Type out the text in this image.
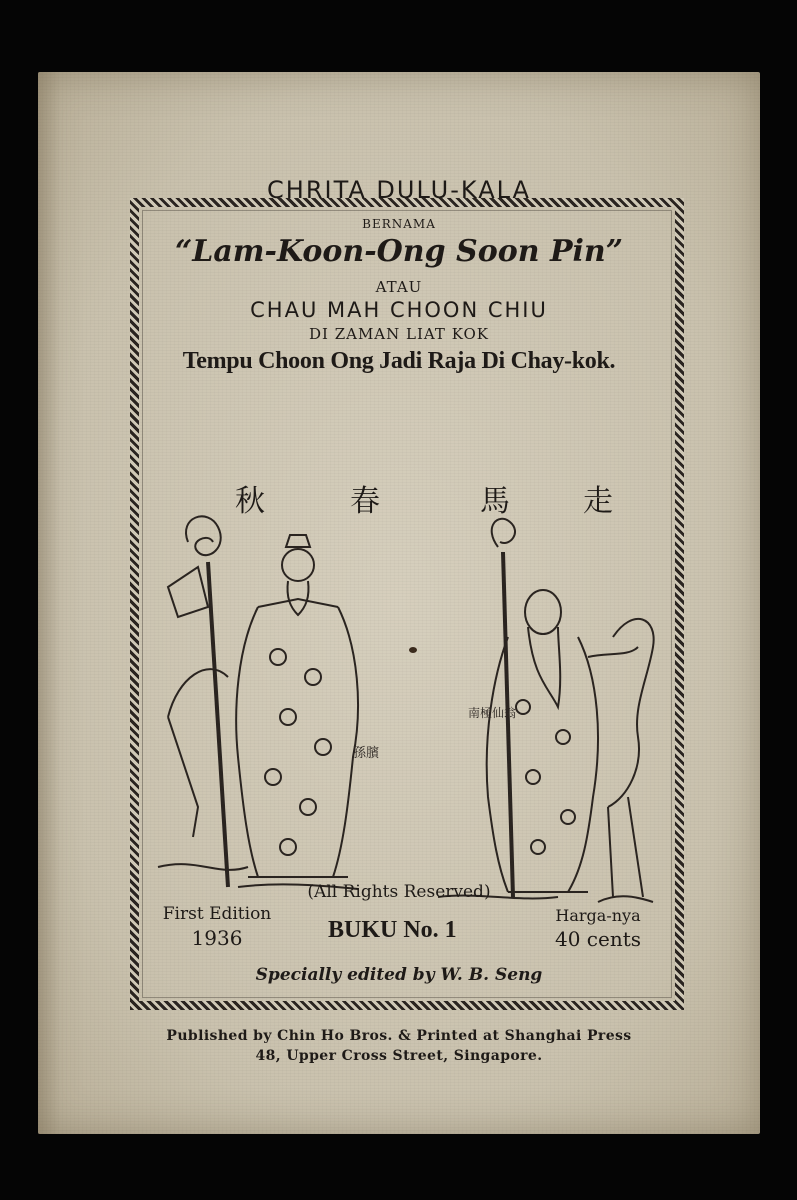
CHRITA DULU-KALA
BERNAMA
“Lam-Koon-Ong Soon Pin”
ATAU
CHAU MAH CHOON CHIU
DI ZAMAN LIAT KOK
Tempu Choon Ong Jadi Raja Di Chay-kok.
秋	春	馬 走
孫臏
南極仙翁
(All Rights Reserved)
First Edition
1936	BUKU No. 1
Harga-nya
40 cents
Specially edited by W. B. Seng
Published by Chin Ho Bros. & Printed at Shanghai Press
48, Upper Cross Street, Singapore.
